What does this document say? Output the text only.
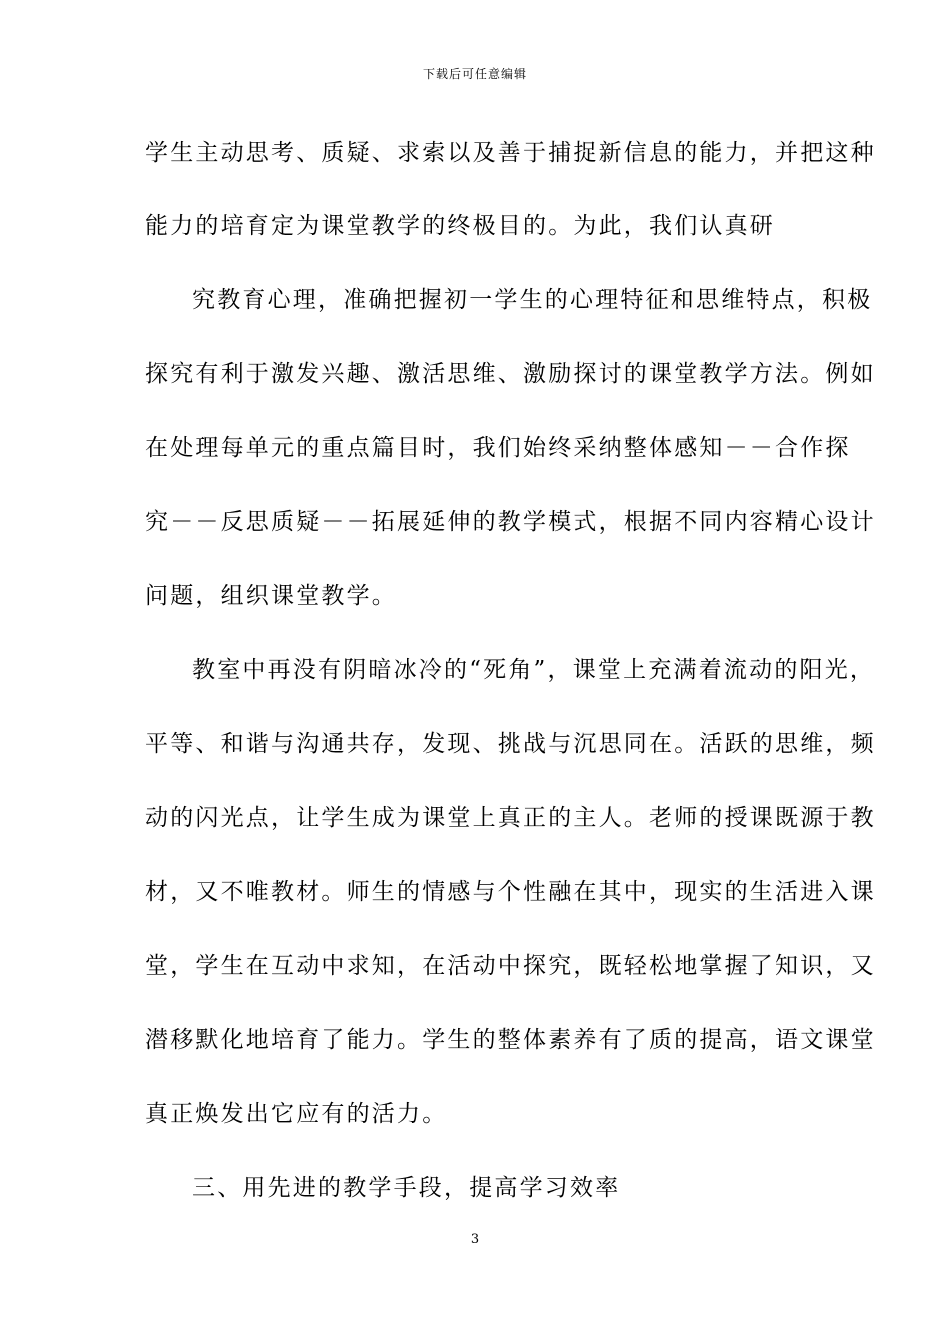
下载后可任意编辑
学生主动思考、质疑、求索以及善于捕捉新信息的能力，并把这种
能力的培育定为课堂教学的终极目的。为此，我们认真研
究教育心理，准确把握初一学生的心理特征和思维特点，积极
探究有利于激发兴趣、激活思维、激励探讨的课堂教学方法。例如
在处理每单元的重点篇目时，我们始终采纳整体感知－－合作探
究－－反思质疑－－拓展延伸的教学模式，根据不同内容精心设计
问题，组织课堂教学。
教室中再没有阴暗冰冷的“死角”，课堂上充满着流动的阳光，
平等、和谐与沟通共存，发现、挑战与沉思同在。活跃的思维，频
动的闪光点，让学生成为课堂上真正的主人。老师的授课既源于教
材，又不唯教材。师生的情感与个性融在其中，现实的生活进入课
堂，学生在互动中求知，在活动中探究，既轻松地掌握了知识，又
潜移默化地培育了能力。学生的整体素养有了质的提高，语文课堂
真正焕发出它应有的活力。
三、用先进的教学手段，提高学习效率
3
